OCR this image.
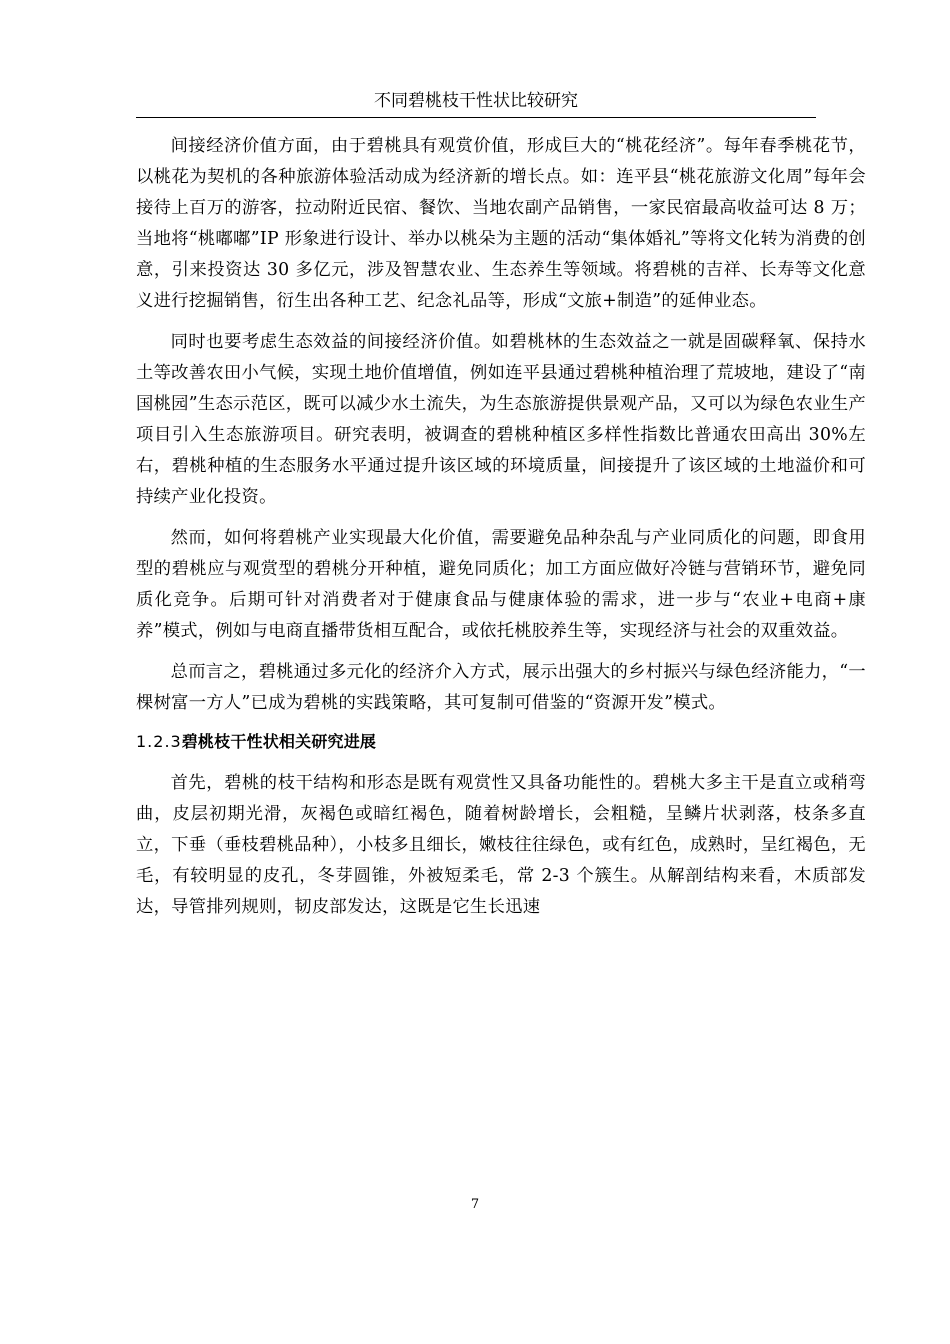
不同碧桃枝干性状比较研究

间接经济价值方面，由于碧桃具有观赏价值，形成巨大的“桃花经济”。每年春季桃花节，以桃花为契机的各种旅游体验活动成为经济新的增长点。如：连平县“桃花旅游文化周”每年会接待上百万的游客，拉动附近民宿、餐饮、当地农副产品销售，一家民宿最高收益可达 8 万；当地将“桃嘟嘟”IP 形象进行设计、举办以桃朵为主题的活动“集体婚礼”等将文化转为消费的创意，引来投资达 30 多亿元，涉及智慧农业、生态养生等领域。将碧桃的吉祥、长寿等文化意义进行挖掘销售，衍生出各种工艺、纪念礼品等，形成“文旅+制造”的延伸业态。

同时也要考虑生态效益的间接经济价值。如碧桃林的生态效益之一就是固碳释氧、保持水土等改善农田小气候，实现土地价值增值，例如连平县通过碧桃种植治理了荒坡地，建设了“南国桃园”生态示范区，既可以减少水土流失，为生态旅游提供景观产品，又可以为绿色农业生产项目引入生态旅游项目。研究表明，被调查的碧桃种植区多样性指数比普通农田高出 30%左右，碧桃种植的生态服务水平通过提升该区域的环境质量，间接提升了该区域的土地溢价和可持续产业化投资。

然而，如何将碧桃产业实现最大化价值，需要避免品种杂乱与产业同质化的问题，即食用型的碧桃应与观赏型的碧桃分开种植，避免同质化；加工方面应做好冷链与营销环节，避免同质化竞争。后期可针对消费者对于健康食品与健康体验的需求，进一步与“农业+电商+康养”模式，例如与电商直播带货相互配合，或依托桃胶养生等，实现经济与社会的双重效益。

总而言之，碧桃通过多元化的经济介入方式，展示出强大的乡村振兴与绿色经济能力，“一棵树富一方人”已成为碧桃的实践策略，其可复制可借鉴的“资源开发”模式。

1.2.3碧桃枝干性状相关研究进展

首先，碧桃的枝干结构和形态是既有观赏性又具备功能性的。碧桃大多主干是直立或稍弯曲，皮层初期光滑，灰褐色或暗红褐色，随着树龄增长，会粗糙，呈鳞片状剥落，枝条多直立，下垂（垂枝碧桃品种），小枝多且细长，嫩枝往往绿色，或有红色，成熟时，呈红褐色，无毛，有较明显的皮孔，冬芽圆锥，外被短柔毛，常 2-3 个簇生。从解剖结构来看，木质部发达，导管排列规则，韧皮部发达，这既是它生长迅速

7
